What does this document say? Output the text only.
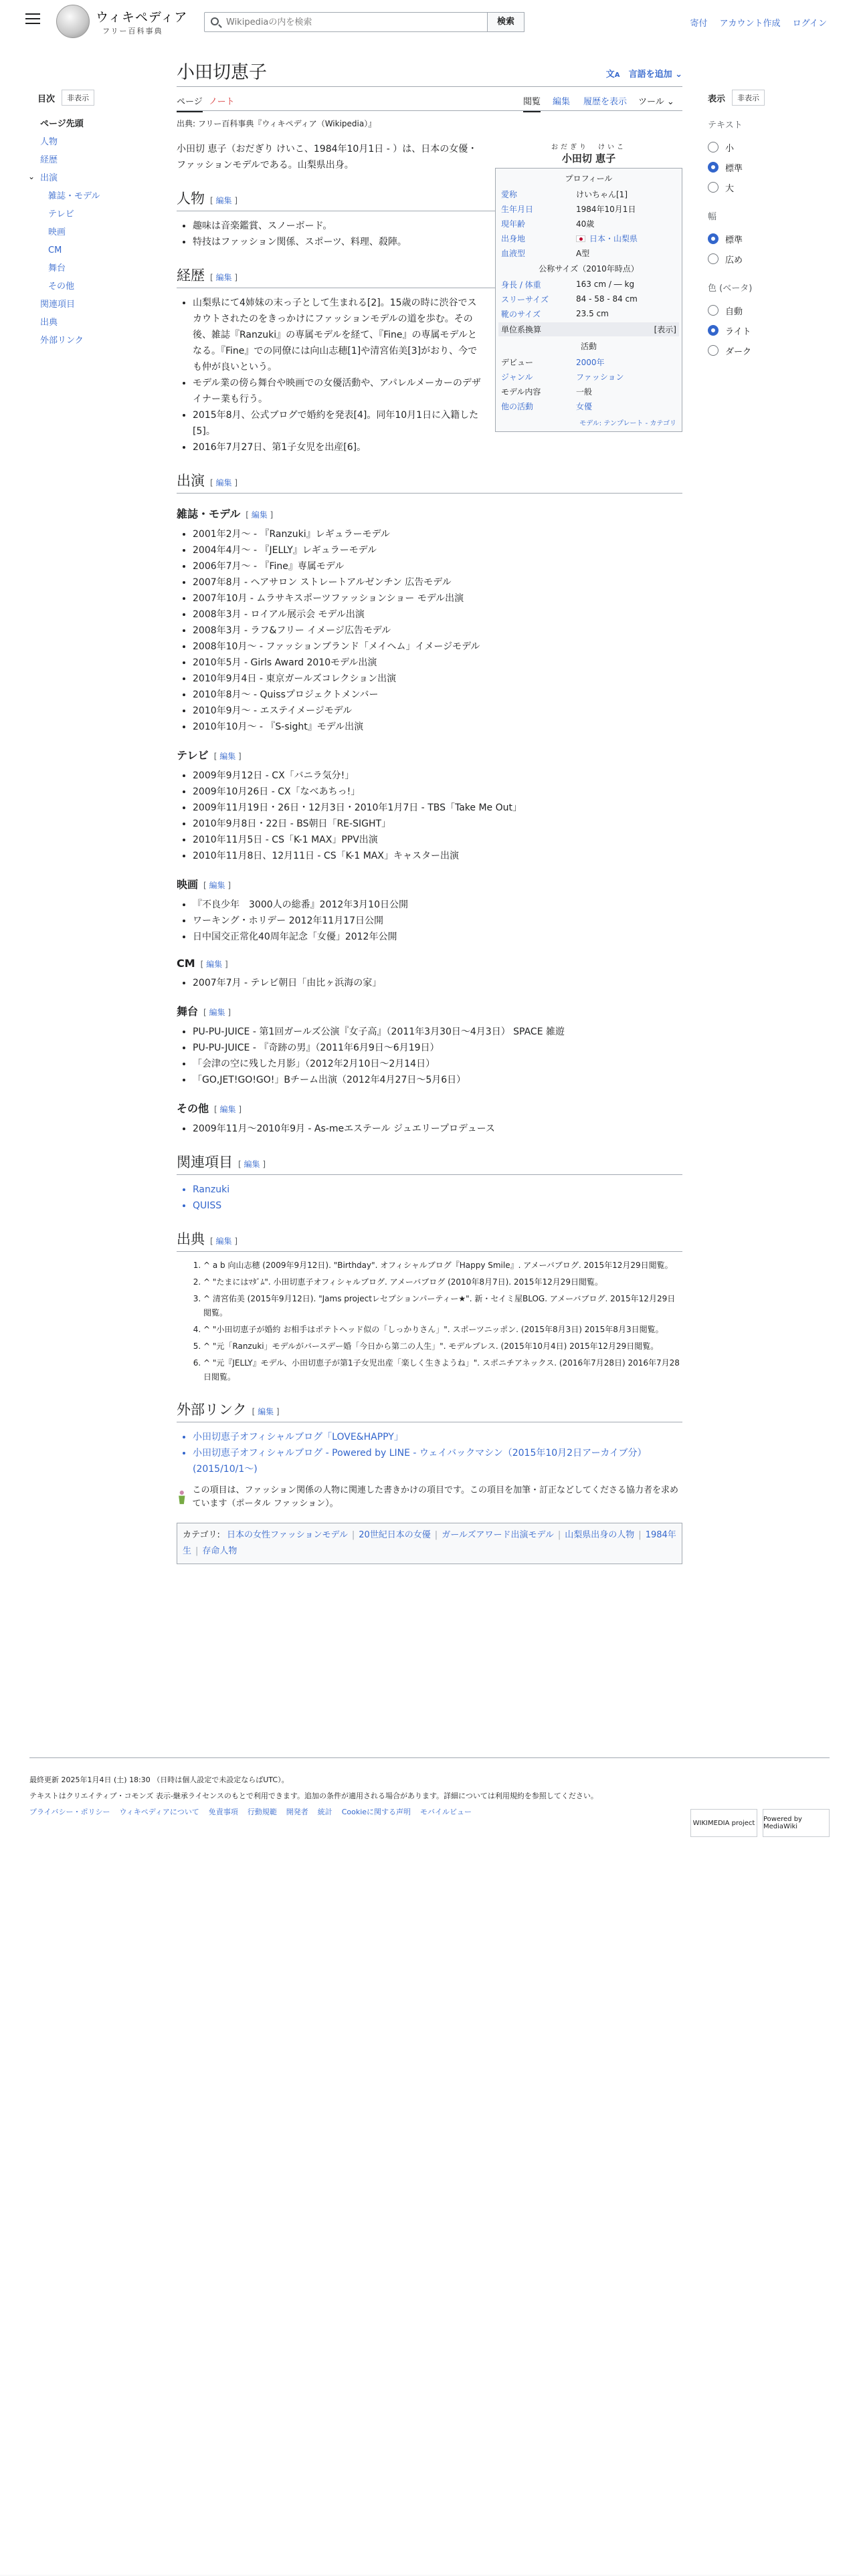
ウィキペディア
フリー百科事典
Wikipediaの内を検索
検索	寄付 アカウント作成 ログイン
目次	非表示
ページ先頭
人物
経歴
⌄ 出演
雑誌・モデル
テレビ
映画
CM
舞台
その他
関連項目
出典
外部リンク
表示	非表示
テキスト
小
標準
大
幅
標準
広め
色 (ベータ)
自動
ライト
ダーク
小田切恵子	文A　 言語を追加 ⌄
ページ ノート	閲覧 編集 履歴を表示 ツール ⌄
出典: フリー百科事典『ウィキペディア（Wikipedia）』
おだぎり　けいこ
小田切 恵子
プロフィール
愛称	けいちゃん[1]
生年月日	1984年10月1日
現年齢	40歳
出身地	日本・山梨県
血液型	A型
公称サイズ（2010年時点）
身長 / 体重	163 cm / ― kg
スリーサイズ	84 - 58 - 84 cm
靴のサイズ	23.5 cm
単位系換算	[表示]
活動
デビュー	2000年
ジャンル	ファッション
モデル内容	一般
他の活動	女優
モデル: テンプレート - カテゴリ

小田切 恵子（おだぎり けいこ、1984年10月1日 - ）は、日本の女優・ファッションモデルである。山梨県出身。

人物 [ 編集 ]
• 趣味は音楽鑑賞、スノーボード。
• 特技はファッション関係、スポーツ、料理、殺陣。
経歴 [ 編集 ]
• 山梨県にて4姉妹の末っ子として生まれる[2]。15歳の時に渋谷でスカウトされたのをきっかけにファッションモデルの道を歩む。その後、雑誌『Ranzuki』の専属モデルを経て、『Fine』の専属モデルとなる。『Fine』での同僚には向山志穂[1]や清宮佑美[3]がおり、今でも仲が良いという。
• モデル業の傍ら舞台や映画での女優活動や、アパレルメーカーのデザイナー業も行う。
• 2015年8月、公式ブログで婚約を発表[4]。同年10月1日に入籍した[5]。
• 2016年7月27日、第1子女児を出産[6]。
出演 [ 編集 ]
雑誌・モデル [ 編集 ]
• 2001年2月〜 - 『Ranzuki』レギュラーモデル
• 2004年4月〜 - 『JELLY』レギュラーモデル
• 2006年7月〜 - 『Fine』専属モデル
• 2007年8月 - ヘアサロン ストレートアルゼンチン 広告モデル
• 2007年10月 - ムラサキスポーツファッションショー モデル出演
• 2008年3月 - ロイアル展示会 モデル出演
• 2008年3月 - ラフ&フリー イメージ広告モデル
• 2008年10月〜 - ファッションブランド「メイヘム」イメージモデル
• 2010年5月 - Girls Award 2010モデル出演
• 2010年9月4日 - 東京ガールズコレクション出演
• 2010年8月〜 - Quissプロジェクトメンバー
• 2010年9月〜 - エステイメージモデル
• 2010年10月〜 - 『S-sight』モデル出演
テレビ [ 編集 ]
• 2009年9月12日 - CX「バニラ気分!」
• 2009年10月26日 - CX「なべあちっ!」
• 2009年11月19日・26日・12月3日・2010年1月7日 - TBS「Take Me Out」
• 2010年9月8日・22日 - BS朝日「RE-SIGHT」
• 2010年11月5日 - CS「K-1 MAX」PPV出演
• 2010年11月8日、12月11日 - CS「K-1 MAX」キャスター出演
映画 [ 編集 ]
• 『不良少年　3000人の総番』2012年3月10日公開
• ワーキング・ホリデー 2012年11月17日公開
• 日中国交正常化40周年記念「女優」2012年公開
CM [ 編集 ]
• 2007年7月 - テレビ朝日「由比ヶ浜海の家」
舞台 [ 編集 ]
• PU-PU-JUICE - 第1回ガールズ公演『女子高』（2011年3月30日〜4月3日） SPACE 雑遊
• PU-PU-JUICE - 『奇跡の男』（2011年6月9日〜6月19日）
• 「会津の空に残した月影」（2012年2月10日〜2月14日）
• 「GO,JET!GO!GO!」Bチーム出演（2012年4月27日〜5月6日）
その他 [ 編集 ]
• 2009年11月〜2010年9月 - As-meエステール ジュエリープロデュース
関連項目 [ 編集 ]
• Ranzuki
• QUISS
出典 [ 編集 ]
1. ^ a b 向山志穂 (2009年9月12日). "Birthday". オフィシャルブログ『Happy Smile』. アメーバブログ. 2015年12月29日閲覧。
2. ^ "たまにはﾏﾀﾞﾑ". 小田切恵子オフィシャルブログ. アメーバブログ (2010年8月7日). 2015年12月29日閲覧。
3. ^ 清宮佑美 (2015年9月12日). "Jams projectレセプションパーティー★". 新・セイミ屋BLOG. アメーバブログ. 2015年12月29日閲覧。
4. ^ "小田切恵子が婚約 お相手はポテトヘッド似の「しっかりさん」". スポーツニッポン. (2015年8月3日) 2015年8月3日閲覧。
5. ^ "元「Ranzuki」モデルがバースデー婚「今日から第二の人生」". モデルプレス. (2015年10月4日) 2015年12月29日閲覧。
6. ^ "元『JELLY』モデル、小田切恵子が第1子女児出産「楽しく生きようね」". スポニチアネックス. (2016年7月28日) 2016年7月28日閲覧。
外部リンク [ 編集 ]
• 小田切恵子オフィシャルブログ「LOVE&HAPPY」
• 小田切恵子オフィシャルブログ - Powered by LINE - ウェイバックマシン（2015年10月2日アーカイブ分）(2015/10/1〜)
この項目は、ファッション関係の人物に関連した書きかけの項目です。この項目を加筆・訂正などしてくださる協力者を求めています（ポータル ファッション）。
カテゴリ: 日本の女性ファッションモデル | 20世紀日本の女優 | ガールズアワード出演モデル | 山梨県出身の人物 | 1984年生 | 存命人物

最終更新 2025年1月4日 (土) 18:30 （日時は個人設定で未設定ならばUTC）。

テキストはクリエイティブ・コモンズ 表示-継承ライセンスのもとで利用できます。追加の条件が適用される場合があります。詳細については利用規約を参照してください。

プライバシー・ポリシー ウィキペディアについて 免責事項 行動規範 開発者 統計 Cookieに関する声明 モバイルビュー
WIKIMEDIA project	Powered by MediaWiki
